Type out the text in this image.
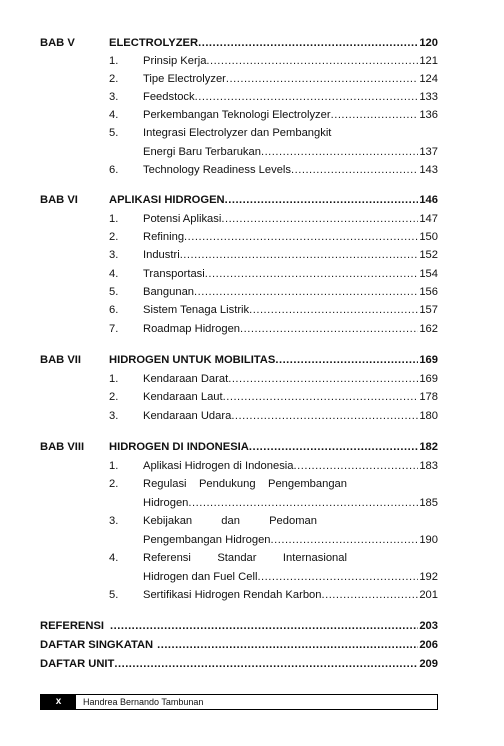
BAB V	ELECTROLYZER .....	120
1. Prinsip Kerja .....	121
2. Tipe Electrolyzer .....	124
3. Feedstock .....	133
4. Perkembangan Teknologi Electrolyzer .....	136
5. Integrasi Electrolyzer dan Pembangkit
Energi Baru Terbarukan .....	137
6. Technology Readiness Levels .....	143
BAB VI	APLIKASI HIDROGEN .....	146
1. Potensi Aplikasi .....	147
2. Refining .....	150
3. Industri .....	152
4. Transportasi .....	154
5. Bangunan .....	156
6. Sistem Tenaga Listrik .....	157
7. Roadmap Hidrogen .....	162
BAB VII HIDROGEN UNTUK MOBILITAS .....	169
1. Kendaraan Darat .....	169
2. Kendaraan Laut .....	178
3. Kendaraan Udara .....	180
BAB VIII HIDROGEN DI INDONESIA .....	182
1. Aplikasi Hidrogen di Indonesia .....	183
2. Regulasi Pendukung Pengembangan
Hidrogen .....	185
3. Kebijakan	dan	Pedoman
Pengembangan Hidrogen .....	190
4. Referensi Standar Internasional
Hidrogen dan Fuel Cell .....	192
5. Sertifikasi Hidrogen Rendah Karbon .....	201
REFERENSI .....	203
DAFTAR SINGKATAN .....	206
DAFTAR UNIT .....	209
x	Handrea Bernando Tambunan
